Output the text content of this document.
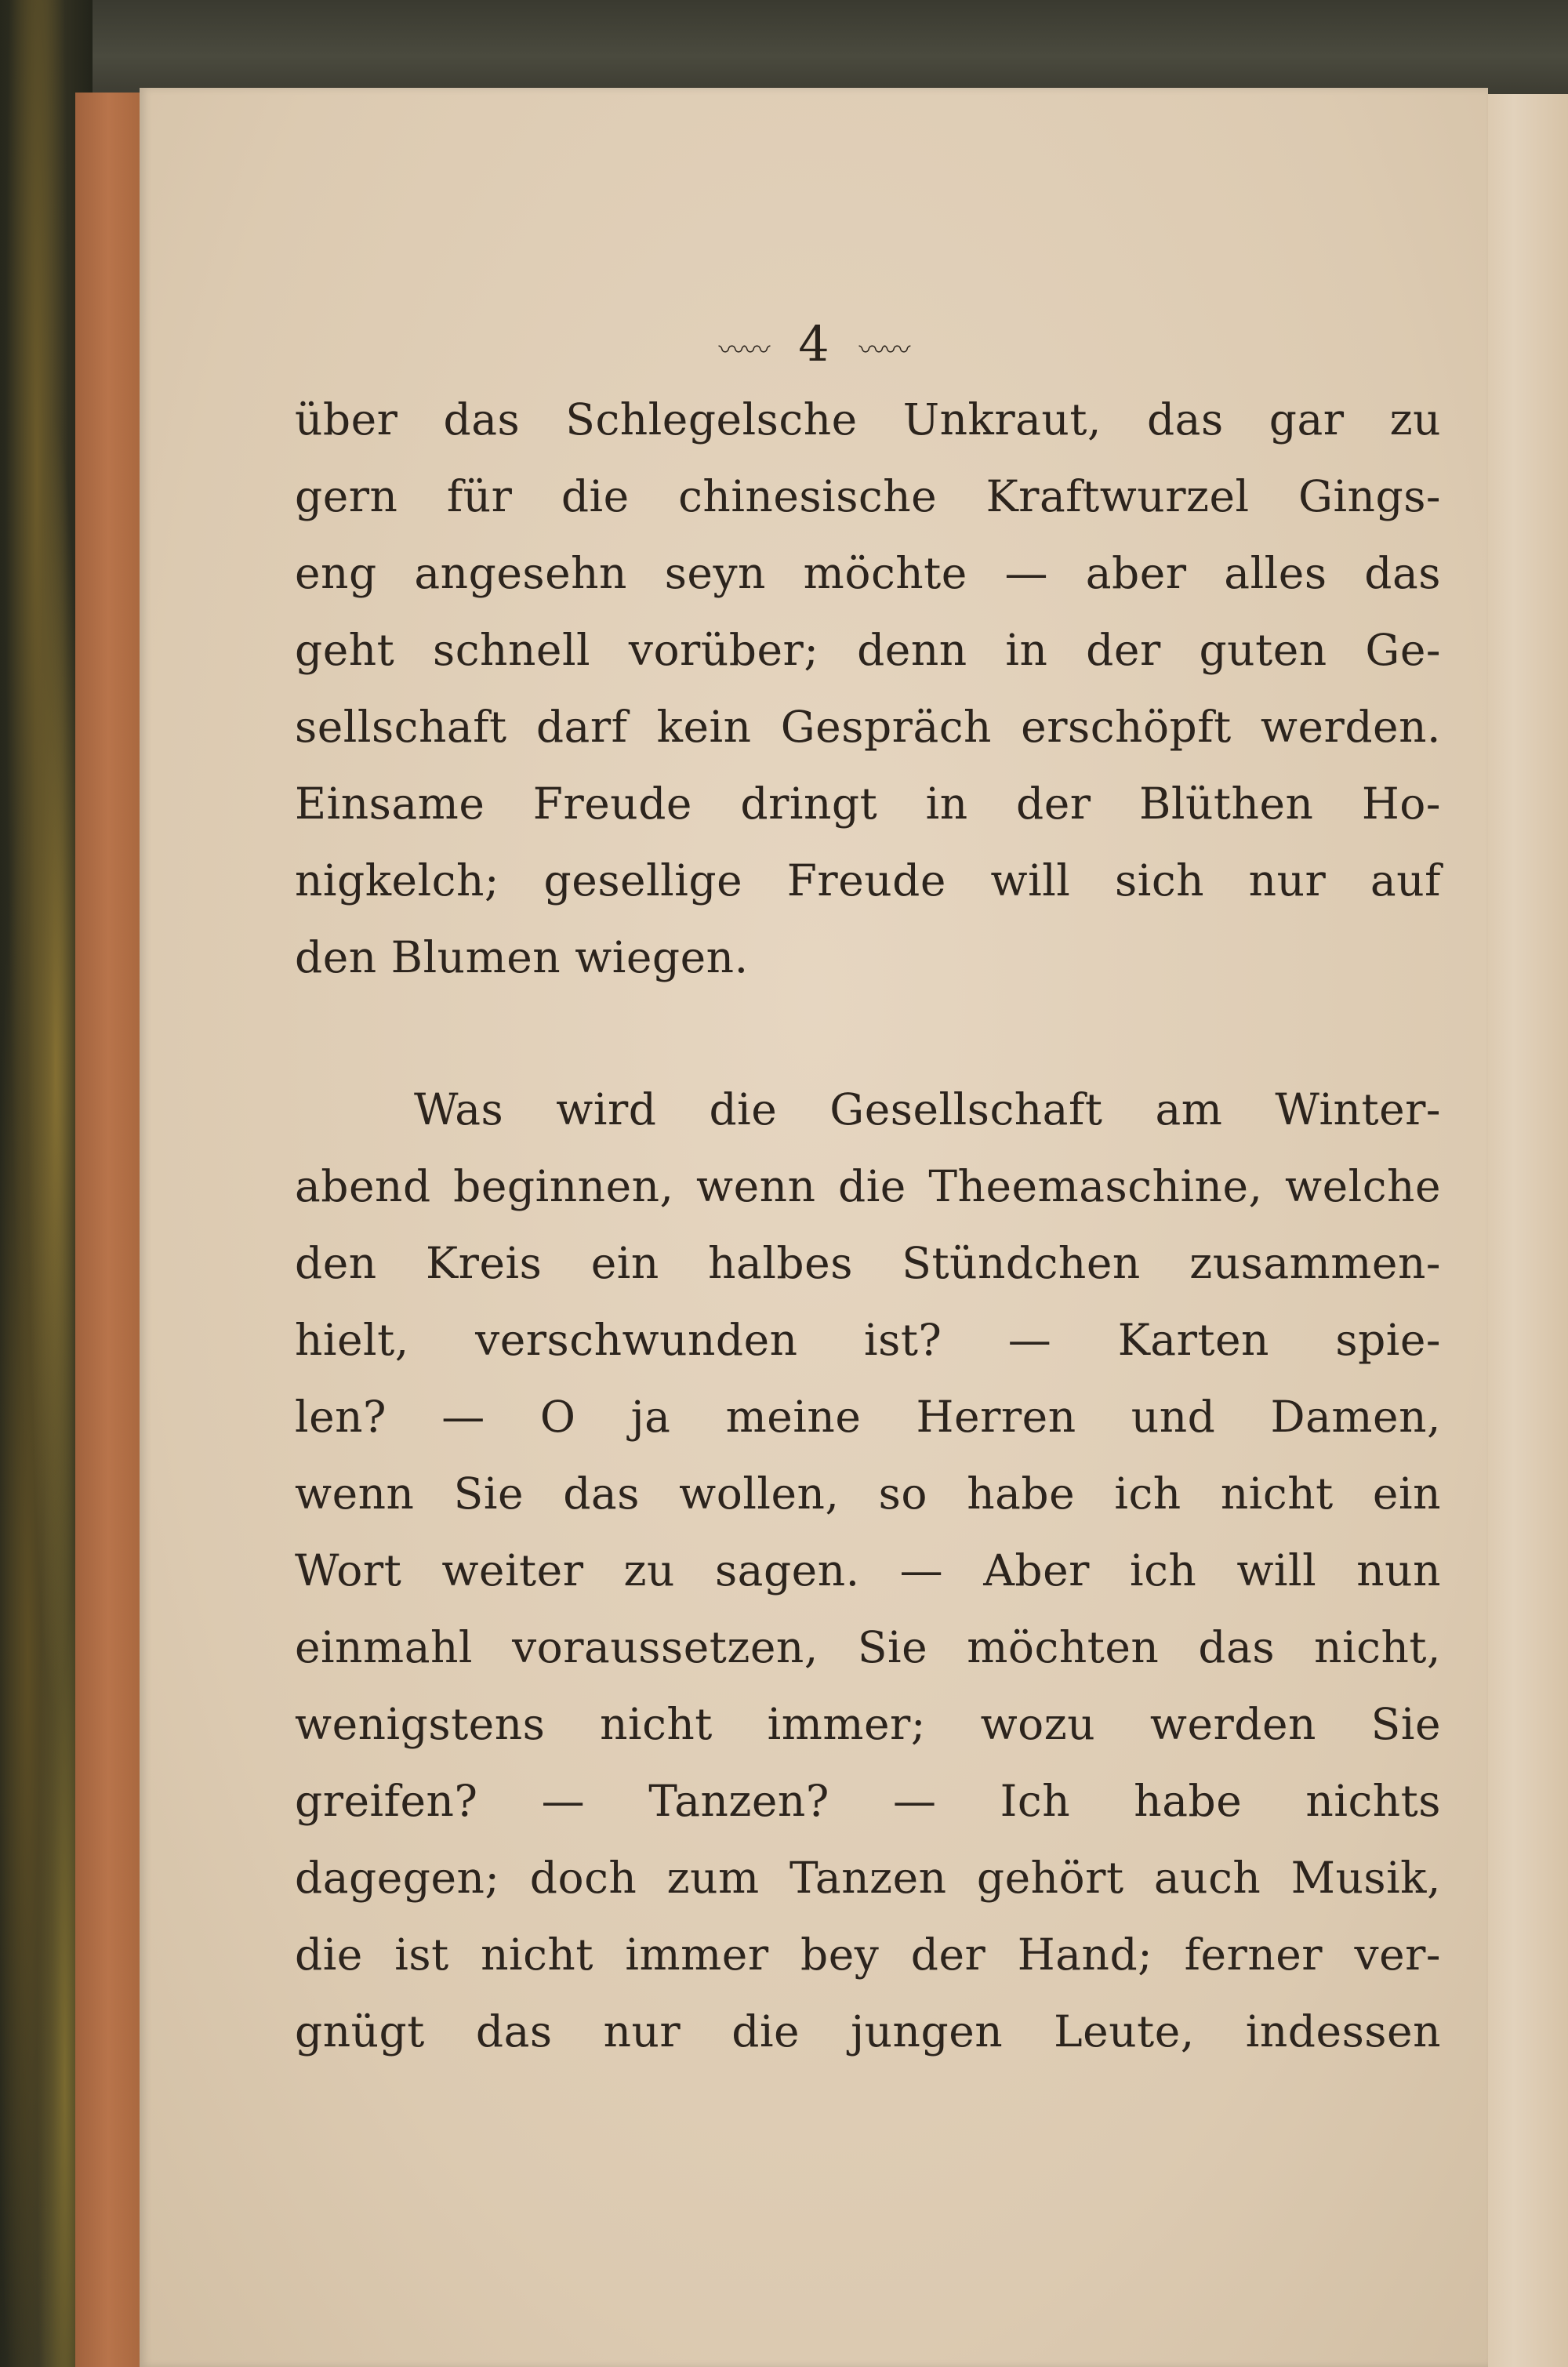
〰〰 4 〰〰
über das Schlegelsche Unkraut, das gar zu
gern für die chinesische Kraftwurzel Gings-
eng angesehn seyn möchte — aber alles das
geht schnell vorüber; denn in der guten Ge-
sellschaft darf kein Gespräch erschöpft werden.
Einsame Freude dringt in der Blüthen Ho-
nigkelch; gesellige Freude will sich nur auf
den Blumen wiegen.
Was wird die Gesellschaft am Winter-
abend beginnen, wenn die Theemaschine, welche
den Kreis ein halbes Stündchen zusammen-
hielt, verschwunden ist? — Karten spie-
len? — O ja meine Herren und Damen,
wenn Sie das wollen, so habe ich nicht ein
Wort weiter zu sagen. — Aber ich will nun
einmahl voraussetzen, Sie möchten das nicht,
wenigstens nicht immer; wozu werden Sie
greifen? — Tanzen? — Ich habe nichts
dagegen; doch zum Tanzen gehört auch Musik,
die ist nicht immer bey der Hand; ferner ver-
gnügt das nur die jungen Leute, indessen
